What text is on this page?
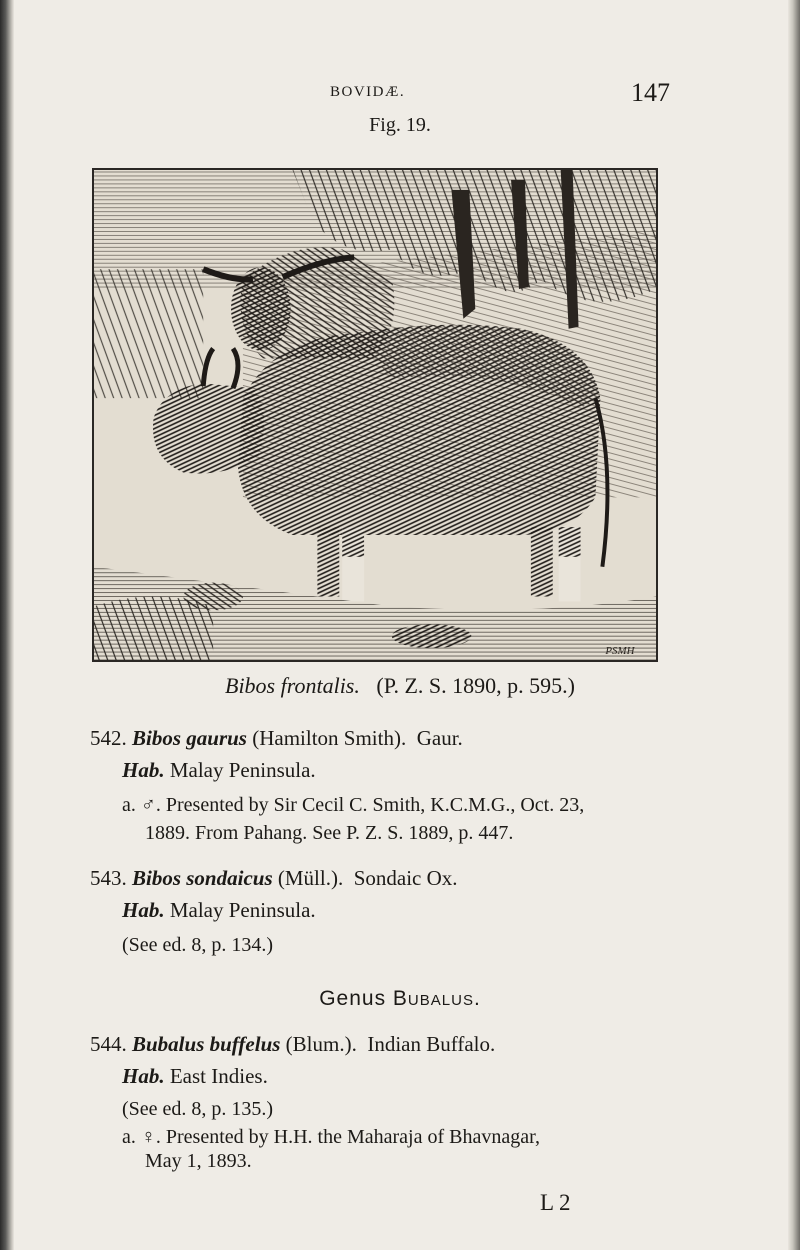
BOVIDÆ.	147
Fig. 19.
PSMH
Bibos frontalis. (P. Z. S. 1890, p. 595.)
542. Bibos gaurus (Hamilton Smith). Gaur.
Hab. Malay Peninsula.
a. ♂. Presented by Sir Cecil C. Smith, K.C.M.G., Oct. 23,
1889. From Pahang. See P. Z. S. 1889, p. 447.
543. Bibos sondaicus (Müll.). Sondaic Ox.
Hab. Malay Peninsula.
(See ed. 8, p. 134.)
Genus Bubalus.
544. Bubalus buffelus (Blum.). Indian Buffalo.
Hab. East Indies.
(See ed. 8, p. 135.)
a. ♀. Presented by H.H. the Maharaja of Bhavnagar,
May 1, 1893.
L 2
